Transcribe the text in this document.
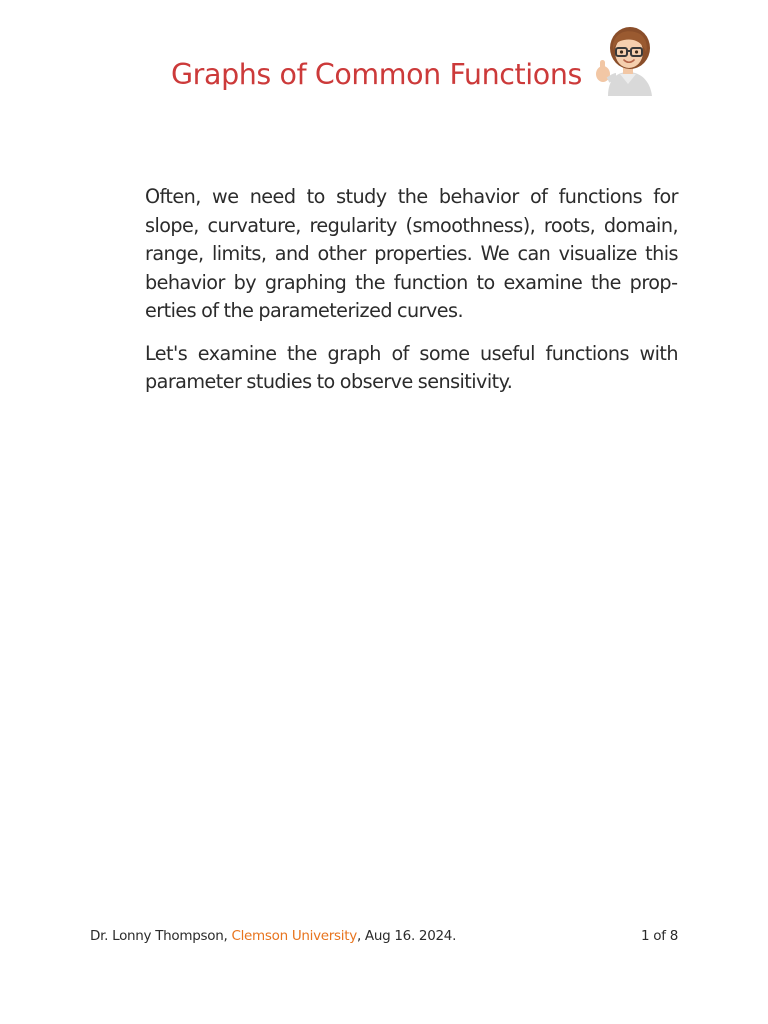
Graphs of Common Functions

Often, we need to study the behavior of functions for slope, curvature, regularity (smoothness), roots, domain, range, limits, and other properties. We can visualize this behavior by graphing the function to examine the properties of the parameterized curves.

Let's examine the graph of some useful functions with parameter studies to observe sensitivity.

Dr. Lonny Thompson, Clemson University, Aug 16. 2024.	1 of 8
